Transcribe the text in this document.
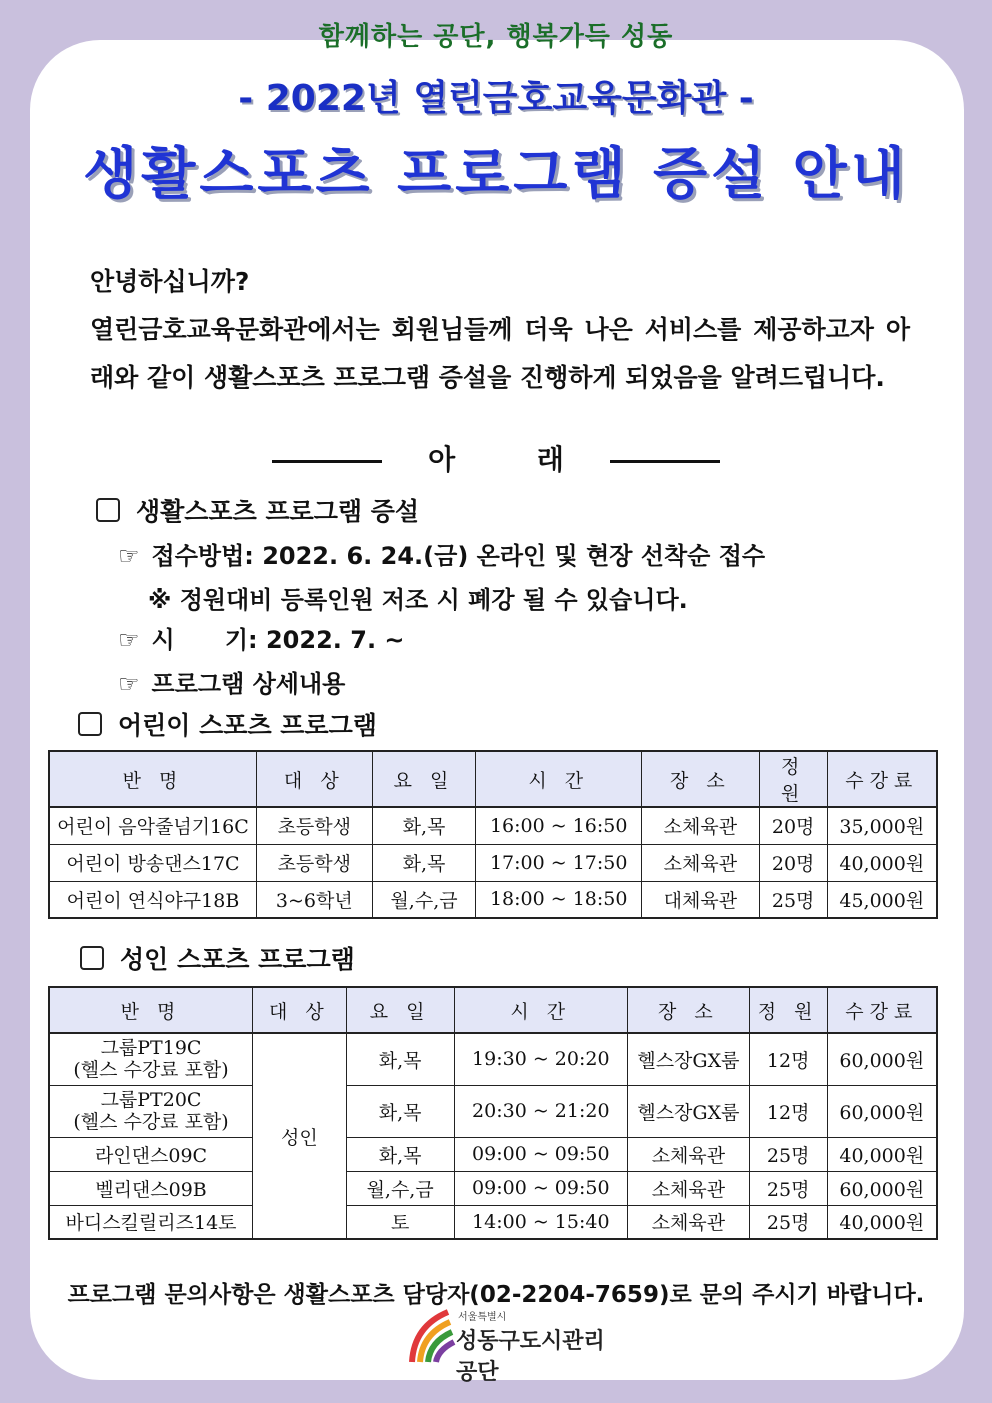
함께하는 공단, 행복가득 성동
- 2022년 열린금호교육문화관 -
생활스포츠 프로그램 증설 안내

안녕하십니까?

열린금호교육문화관에서는 회원님들께 더욱 나은 서비스를 제공하고자 아래와 같이 생활스포츠 프로그램 증설을 진행하게 되었음을 알려드립니다.

아	래
생활스포츠 프로그램 증설
☞ 접수방법: 2022. 6. 24.(금) 온라인 및 현장 선착순 접수
※ 정원대비 등록인원 저조 시 폐강 될 수 있습니다.
☞ 시      기: 2022. 7. ~
☞ 프로그램 상세내용
어린이 스포츠 프로그램
반 명	대 상	요 일	시 간	장 소	정 원	수강료
어린이 음악줄넘기16C	초등학생	화,목	16:00 ~ 16:50	소체육관	20명	35,000원
어린이 방송댄스17C	초등학생	화,목	17:00 ~ 17:50	소체육관	20명	40,000원
어린이 연식야구18B	3~6학년	월,수,금	18:00 ~ 18:50	대체육관	25명	45,000원
성인 스포츠 프로그램
반 명	대 상	요 일	시 간	장 소	정 원	수강료
그룹PT19C
(헬스 수강료 포함)	성인	화,목	19:30 ~ 20:20	헬스장GX룸	12명	60,000원
그룹PT20C
(헬스 수강료 포함)		화,목	20:30 ~ 21:20	헬스장GX룸	12명	60,000원
라인댄스09C		화,목	09:00 ~ 09:50	소체육관	25명	40,000원
벨리댄스09B		월,수,금	09:00 ~ 09:50	소체육관	25명	60,000원
바디스킬릴리즈14토		토	14:00 ~ 15:40	소체육관	25명	40,000원
프로그램 문의사항은 생활스포츠 담당자(02-2204-7659)로 문의 주시기 바랍니다.
서울특별시
성동구도시관리공단
